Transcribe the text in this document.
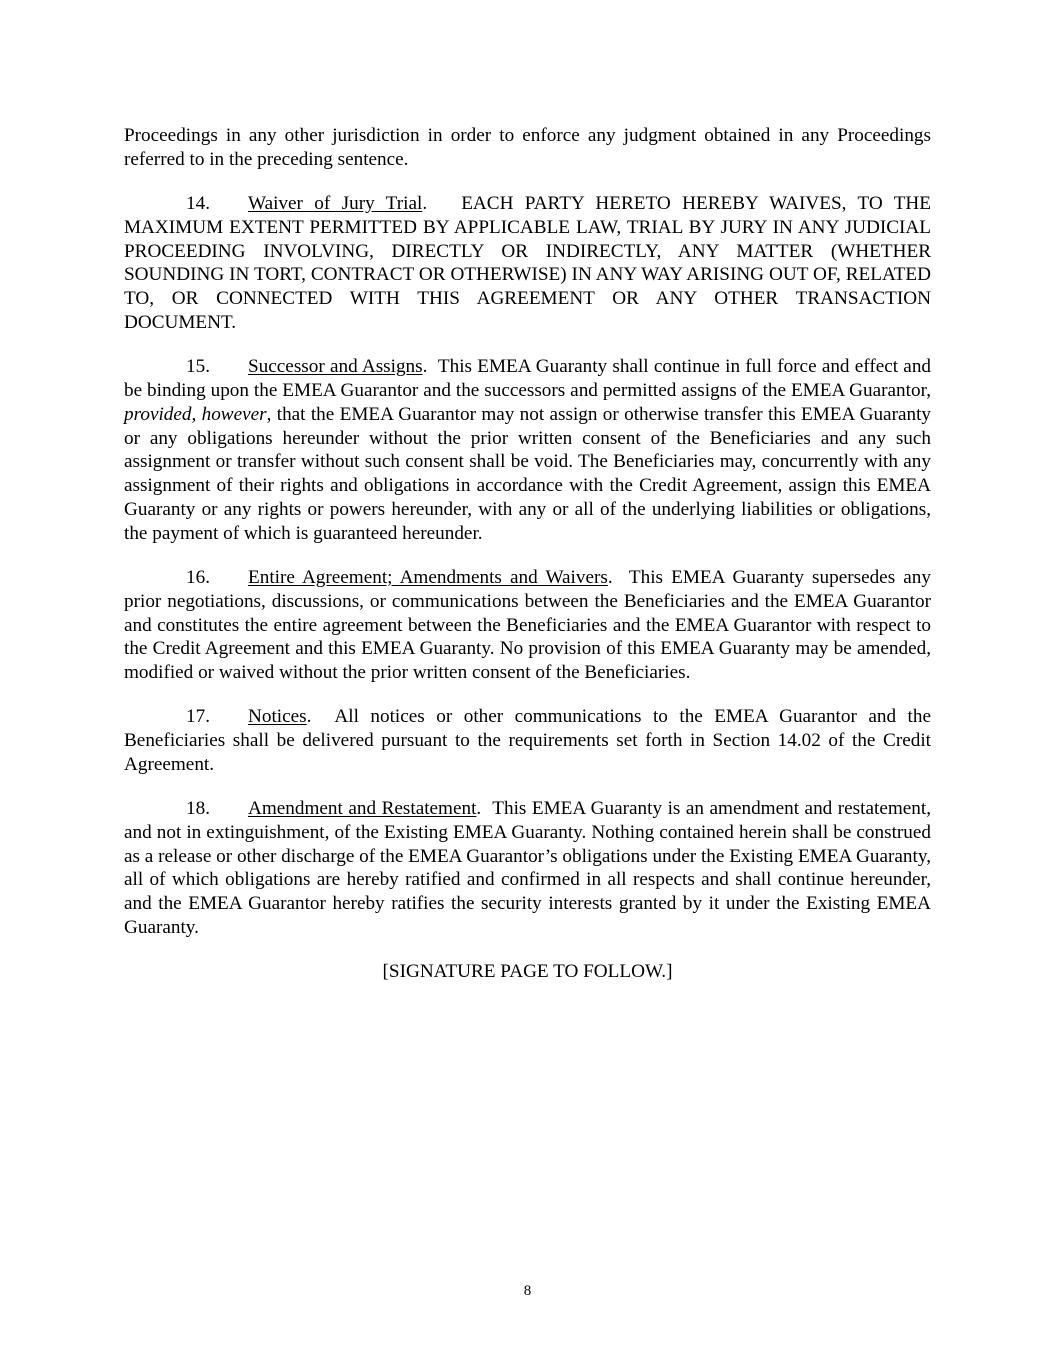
Proceedings in any other jurisdiction in order to enforce any judgment obtained in any Proceedings referred to in the preceding sentence.

14. Waiver of Jury Trial.   EACH PARTY HERETO HEREBY WAIVES, TO THE MAXIMUM EXTENT PERMITTED BY APPLICABLE LAW, TRIAL BY JURY IN ANY JUDICIAL PROCEEDING INVOLVING, DIRECTLY OR INDIRECTLY, ANY MATTER (WHETHER SOUNDING IN TORT, CONTRACT OR OTHERWISE) IN ANY WAY ARISING OUT OF, RELATED TO, OR CONNECTED WITH THIS AGREEMENT OR ANY OTHER TRANSACTION DOCUMENT.

15. Successor and Assigns.  This EMEA Guaranty shall continue in full force and effect and be binding upon the EMEA Guarantor and the successors and permitted assigns of the EMEA Guarantor, provided, however, that the EMEA Guarantor may not assign or otherwise transfer this EMEA Guaranty or any obligations hereunder without the prior written consent of the Beneficiaries and any such assignment or transfer without such consent shall be void. The Beneficiaries may, concurrently with any assignment of their rights and obligations in accordance with the Credit Agreement, assign this EMEA Guaranty or any rights or powers hereunder, with any or all of the underlying liabilities or obligations, the payment of which is guaranteed hereunder.

16. Entire Agreement; Amendments and Waivers.  This EMEA Guaranty supersedes any prior negotiations, discussions, or communications between the Beneficiaries and the EMEA Guarantor and constitutes the entire agreement between the Beneficiaries and the EMEA Guarantor with respect to the Credit Agreement and this EMEA Guaranty. No provision of this EMEA Guaranty may be amended, modified or waived without the prior written consent of the Beneficiaries.

17. Notices.  All notices or other communications to the EMEA Guarantor and the Beneficiaries shall be delivered pursuant to the requirements set forth in Section 14.02 of the Credit Agreement.

18. Amendment and Restatement.  This EMEA Guaranty is an amendment and restatement, and not in extinguishment, of the Existing EMEA Guaranty. Nothing contained herein shall be construed as a release or other discharge of the EMEA Guarantor’s obligations under the Existing EMEA Guaranty, all of which obligations are hereby ratified and confirmed in all respects and shall continue hereunder, and the EMEA Guarantor hereby ratifies the security interests granted by it under the Existing EMEA Guaranty.

[SIGNATURE PAGE TO FOLLOW.]

8
